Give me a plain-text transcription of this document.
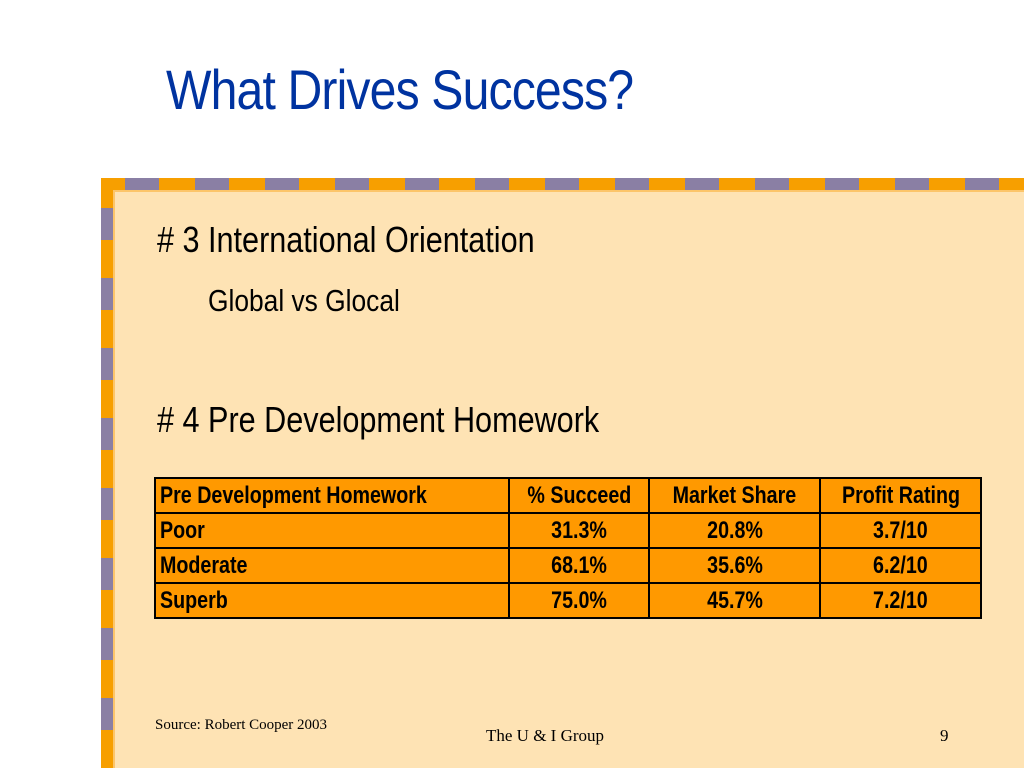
What Drives Success?
# 3 International Orientation
Global vs Glocal
# 4 Pre Development Homework
Pre Development Homework	% Succeed	Market Share	Profit Rating
Poor	31.3%	20.8%	3.7/10
Moderate	68.1%	35.6%	6.2/10
Superb	75.0%	45.7%	7.2/10
Source: Robert Cooper 2003
The U & I Group	9
